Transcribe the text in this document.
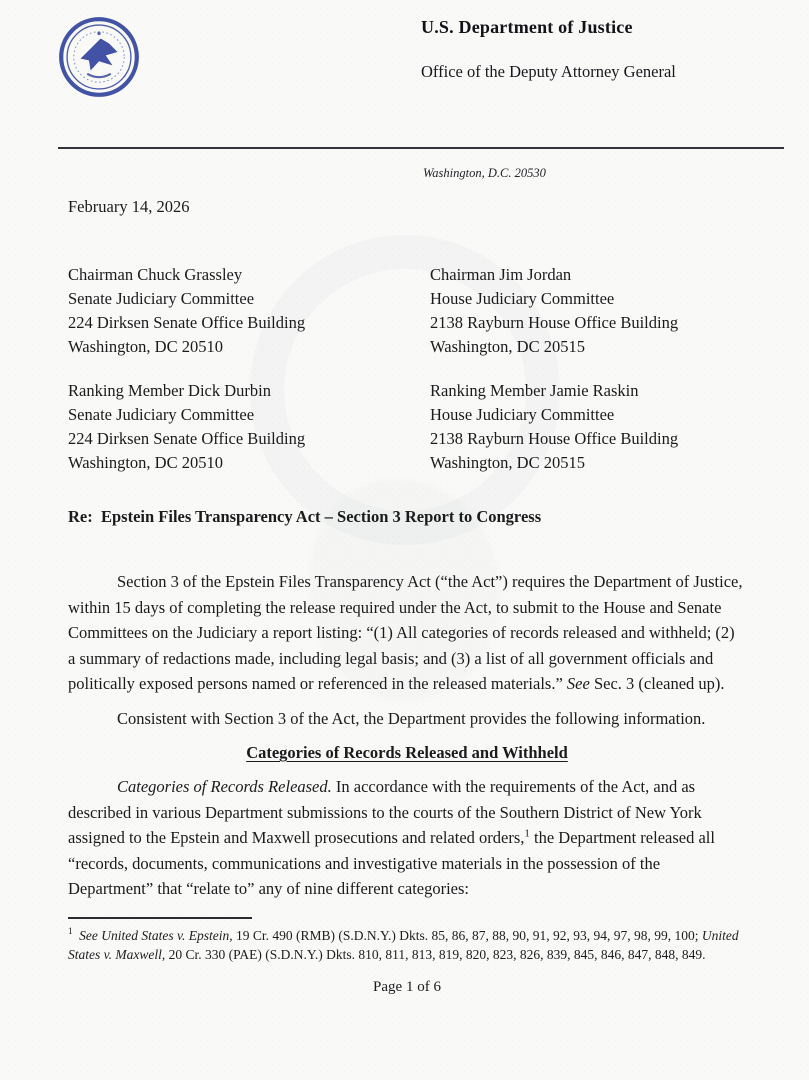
U.S. Department of Justice
Office of the Deputy Attorney General
Washington, D.C. 20530
February 14, 2026
Chairman Chuck Grassley
Senate Judiciary Committee
224 Dirksen Senate Office Building
Washington, DC 20510
Chairman Jim Jordan
House Judiciary Committee
2138 Rayburn House Office Building
Washington, DC 20515
Ranking Member Dick Durbin
Senate Judiciary Committee
224 Dirksen Senate Office Building
Washington, DC 20510
Ranking Member Jamie Raskin
House Judiciary Committee
2138 Rayburn House Office Building
Washington, DC 20515
Re:  Epstein Files Transparency Act – Section 3 Report to Congress

Section 3 of the Epstein Files Transparency Act (“the Act”) requires the Department of Justice, within 15 days of completing the release required under the Act, to submit to the House and Senate Committees on the Judiciary a report listing: “(1) All categories of records released and withheld; (2) a summary of redactions made, including legal basis; and (3) a list of all government officials and politically exposed persons named or referenced in the released materials.” See Sec. 3 (cleaned up).

Consistent with Section 3 of the Act, the Department provides the following information.

Categories of Records Released and Withheld

Categories of Records Released. In accordance with the requirements of the Act, and as described in various Department submissions to the courts of the Southern District of New York assigned to the Epstein and Maxwell prosecutions and related orders,$^1$ the Department released all “records, documents, communications and investigative materials in the possession of the Department” that “relate to” any of nine different categories:

$^1$ See United States v. Epstein, 19 Cr. 490 (RMB) (S.D.N.Y.) Dkts. 85, 86, 87, 88, 90, 91, 92, 93, 94, 97, 98, 99, 100; United States v. Maxwell, 20 Cr. 330 (PAE) (S.D.N.Y.) Dkts. 810, 811, 813, 819, 820, 823, 826, 839, 845, 846, 847, 848, 849.
Page 1 of 6
